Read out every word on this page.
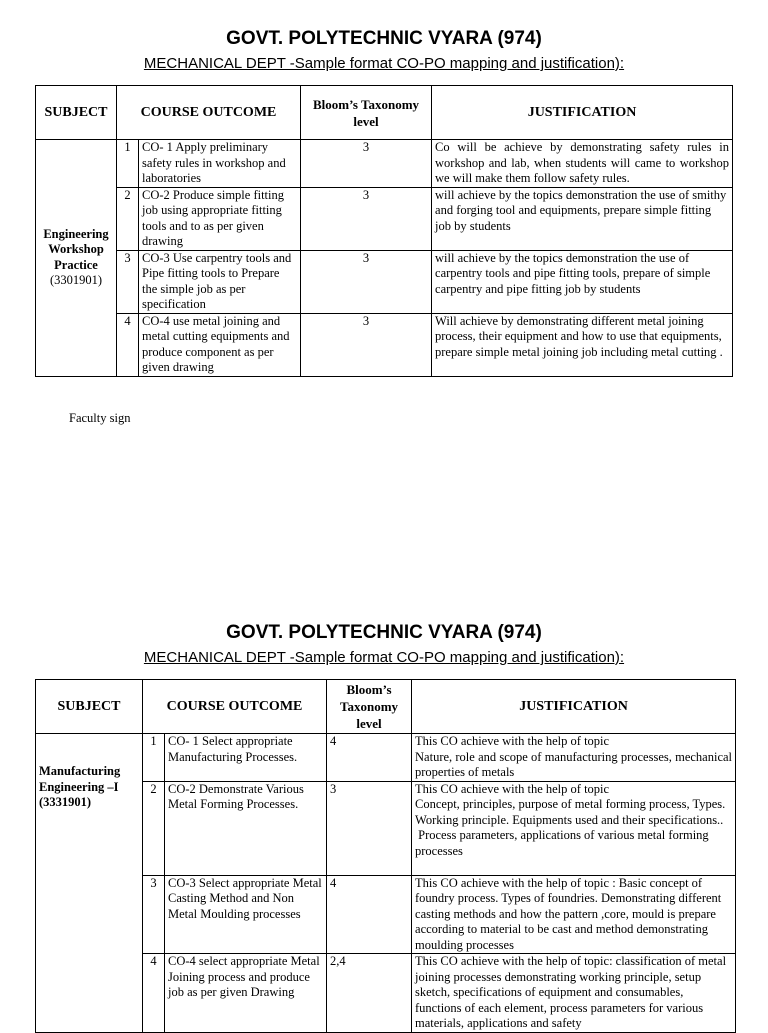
GOVT. POLYTECHNIC VYARA (974)
MECHANICAL DEPT -Sample format CO-PO mapping and justification):
SUBJECT	COURSE OUTCOME		Bloom’s Taxonomy level	JUSTIFICATION

Engineering
Workshop
Practice
(3301901)	1	CO- 1 Apply preliminary safety rules in workshop and laboratories	3	Co will be achieve by demonstrating safety rules in workshop and lab, when students will came to workshop we will make them follow safety rules.
	2	CO-2 Produce simple fitting job using appropriate fitting tools and to as per given drawing	3	will achieve by the topics demonstration the use of smithy and forging tool and equipments, prepare simple fitting job by students
	3	CO-3 Use carpentry tools and Pipe fitting tools to Prepare the simple job as per specification	3	will achieve by the topics demonstration the use of carpentry tools and pipe fitting tools, prepare of simple carpentry and pipe fitting job by students
	4	CO-4 use metal joining and metal cutting equipments and produce component as per given drawing	3	Will achieve by demonstrating different metal joining process, their equipment and how to use that equipments, prepare simple metal joining job including metal cutting .
Faculty sign
GOVT. POLYTECHNIC VYARA (974)
MECHANICAL DEPT -Sample format CO-PO mapping and justification):
SUBJECT	COURSE OUTCOME		Bloom’s Taxonomy level	JUSTIFICATION

Manufacturing
Engineering –I
(3331901)	1	CO- 1 Select appropriate Manufacturing Processes.	4	This CO achieve with the help of topic
Nature, role and scope of manufacturing processes, mechanical properties of metals

	2	CO-2 Demonstrate Various Metal Forming Processes.	3	This CO achieve with the help of topic
Concept, principles, purpose of metal forming process, Types. Working principle. Equipments used and their specifications..
Process parameters, applications of various metal forming processes

	3	CO-3 Select appropriate Metal Casting Method and Non Metal Moulding processes	4	This CO achieve with the help of topic : Basic concept of foundry process. Types of foundries. Demonstrating different casting methods and how the pattern ,core, mould is prepare according to material to be cast and method demonstrating moulding processes

	4	CO-4 select appropriate Metal Joining process and produce job as per given Drawing	2,4	This CO achieve with the help of topic: classification of metal joining processes demonstrating working principle, setup sketch, specifications of equipment and consumables, functions of each element, process parameters for various materials, applications and safety
